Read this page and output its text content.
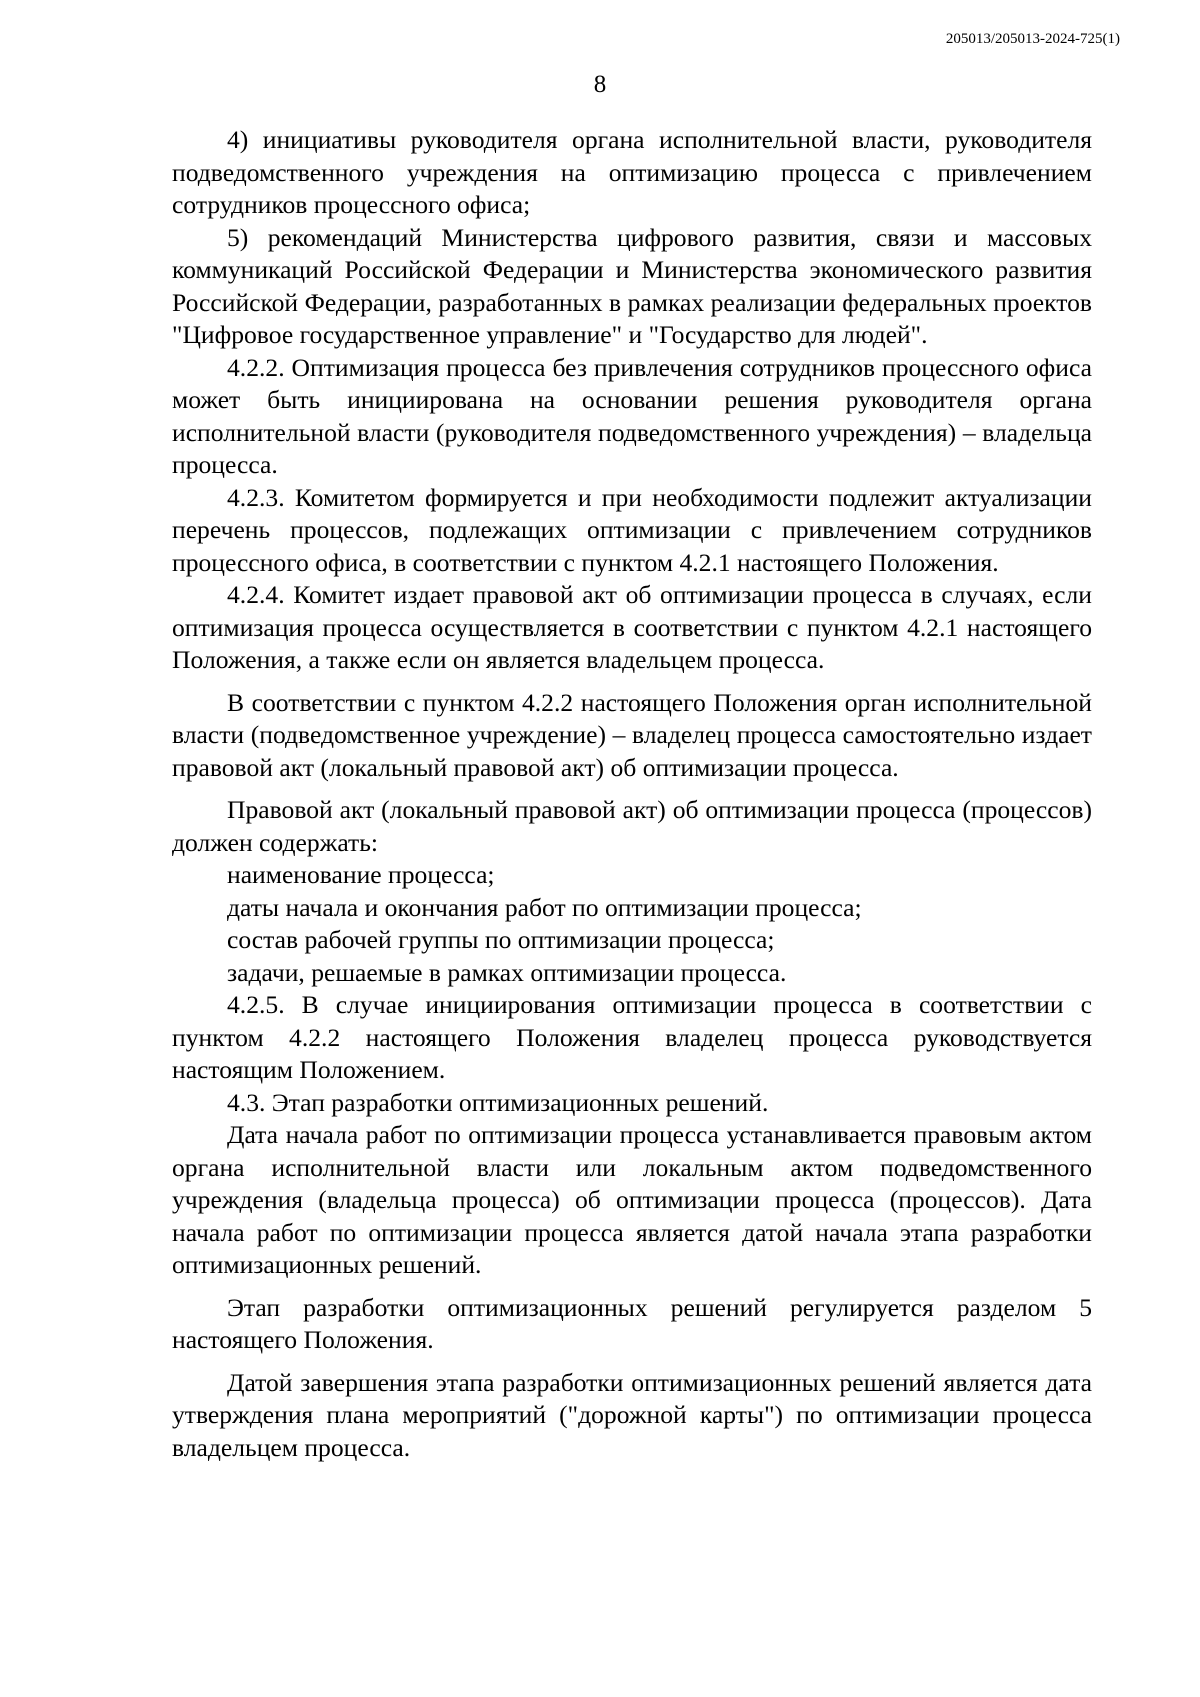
205013/205013-2024-725(1)

8

4) инициативы руководителя органа исполнительной власти, руководителя подведомственного учреждения на оптимизацию процесса с привлечением сотрудников процессного офиса;

5) рекомендаций Министерства цифрового развития, связи и массовых коммуникаций Российской Федерации и Министерства экономического развития Российской Федерации, разработанных в рамках реализации федеральных проектов "Цифровое государственное управление" и "Государство для людей".

4.2.2. Оптимизация процесса без привлечения сотрудников процессного офиса может быть инициирована на основании решения руководителя органа исполнительной власти (руководителя подведомственного учреждения) – владельца процесса.

4.2.3. Комитетом формируется и при необходимости подлежит актуализации перечень процессов, подлежащих оптимизации с привлечением сотрудников процессного офиса, в соответствии с пунктом 4.2.1 настоящего Положения.

4.2.4. Комитет издает правовой акт об оптимизации процесса в случаях, если оптимизация процесса осуществляется в соответствии с пунктом 4.2.1 настоящего Положения, а также если он является владельцем процесса.

В соответствии с пунктом 4.2.2 настоящего Положения орган исполнительной власти (подведомственное учреждение) – владелец процесса самостоятельно издает правовой акт (локальный правовой акт) об оптимизации процесса.

Правовой акт (локальный правовой акт) об оптимизации процесса (процессов) должен содержать:

наименование процесса;

даты начала и окончания работ по оптимизации процесса;

состав рабочей группы по оптимизации процесса;

задачи, решаемые в рамках оптимизации процесса.

4.2.5. В случае инициирования оптимизации процесса в соответствии с пунктом 4.2.2 настоящего Положения владелец процесса руководствуется настоящим Положением.

4.3. Этап разработки оптимизационных решений.

Дата начала работ по оптимизации процесса устанавливается правовым актом органа исполнительной власти или локальным актом подведомственного учреждения (владельца процесса) об оптимизации процесса (процессов). Дата начала работ по оптимизации процесса является датой начала этапа разработки оптимизационных решений.

Этап разработки оптимизационных решений регулируется разделом 5 настоящего Положения.

Датой завершения этапа разработки оптимизационных решений является дата утверждения плана мероприятий ("дорожной карты") по оптимизации процесса владельцем процесса.
